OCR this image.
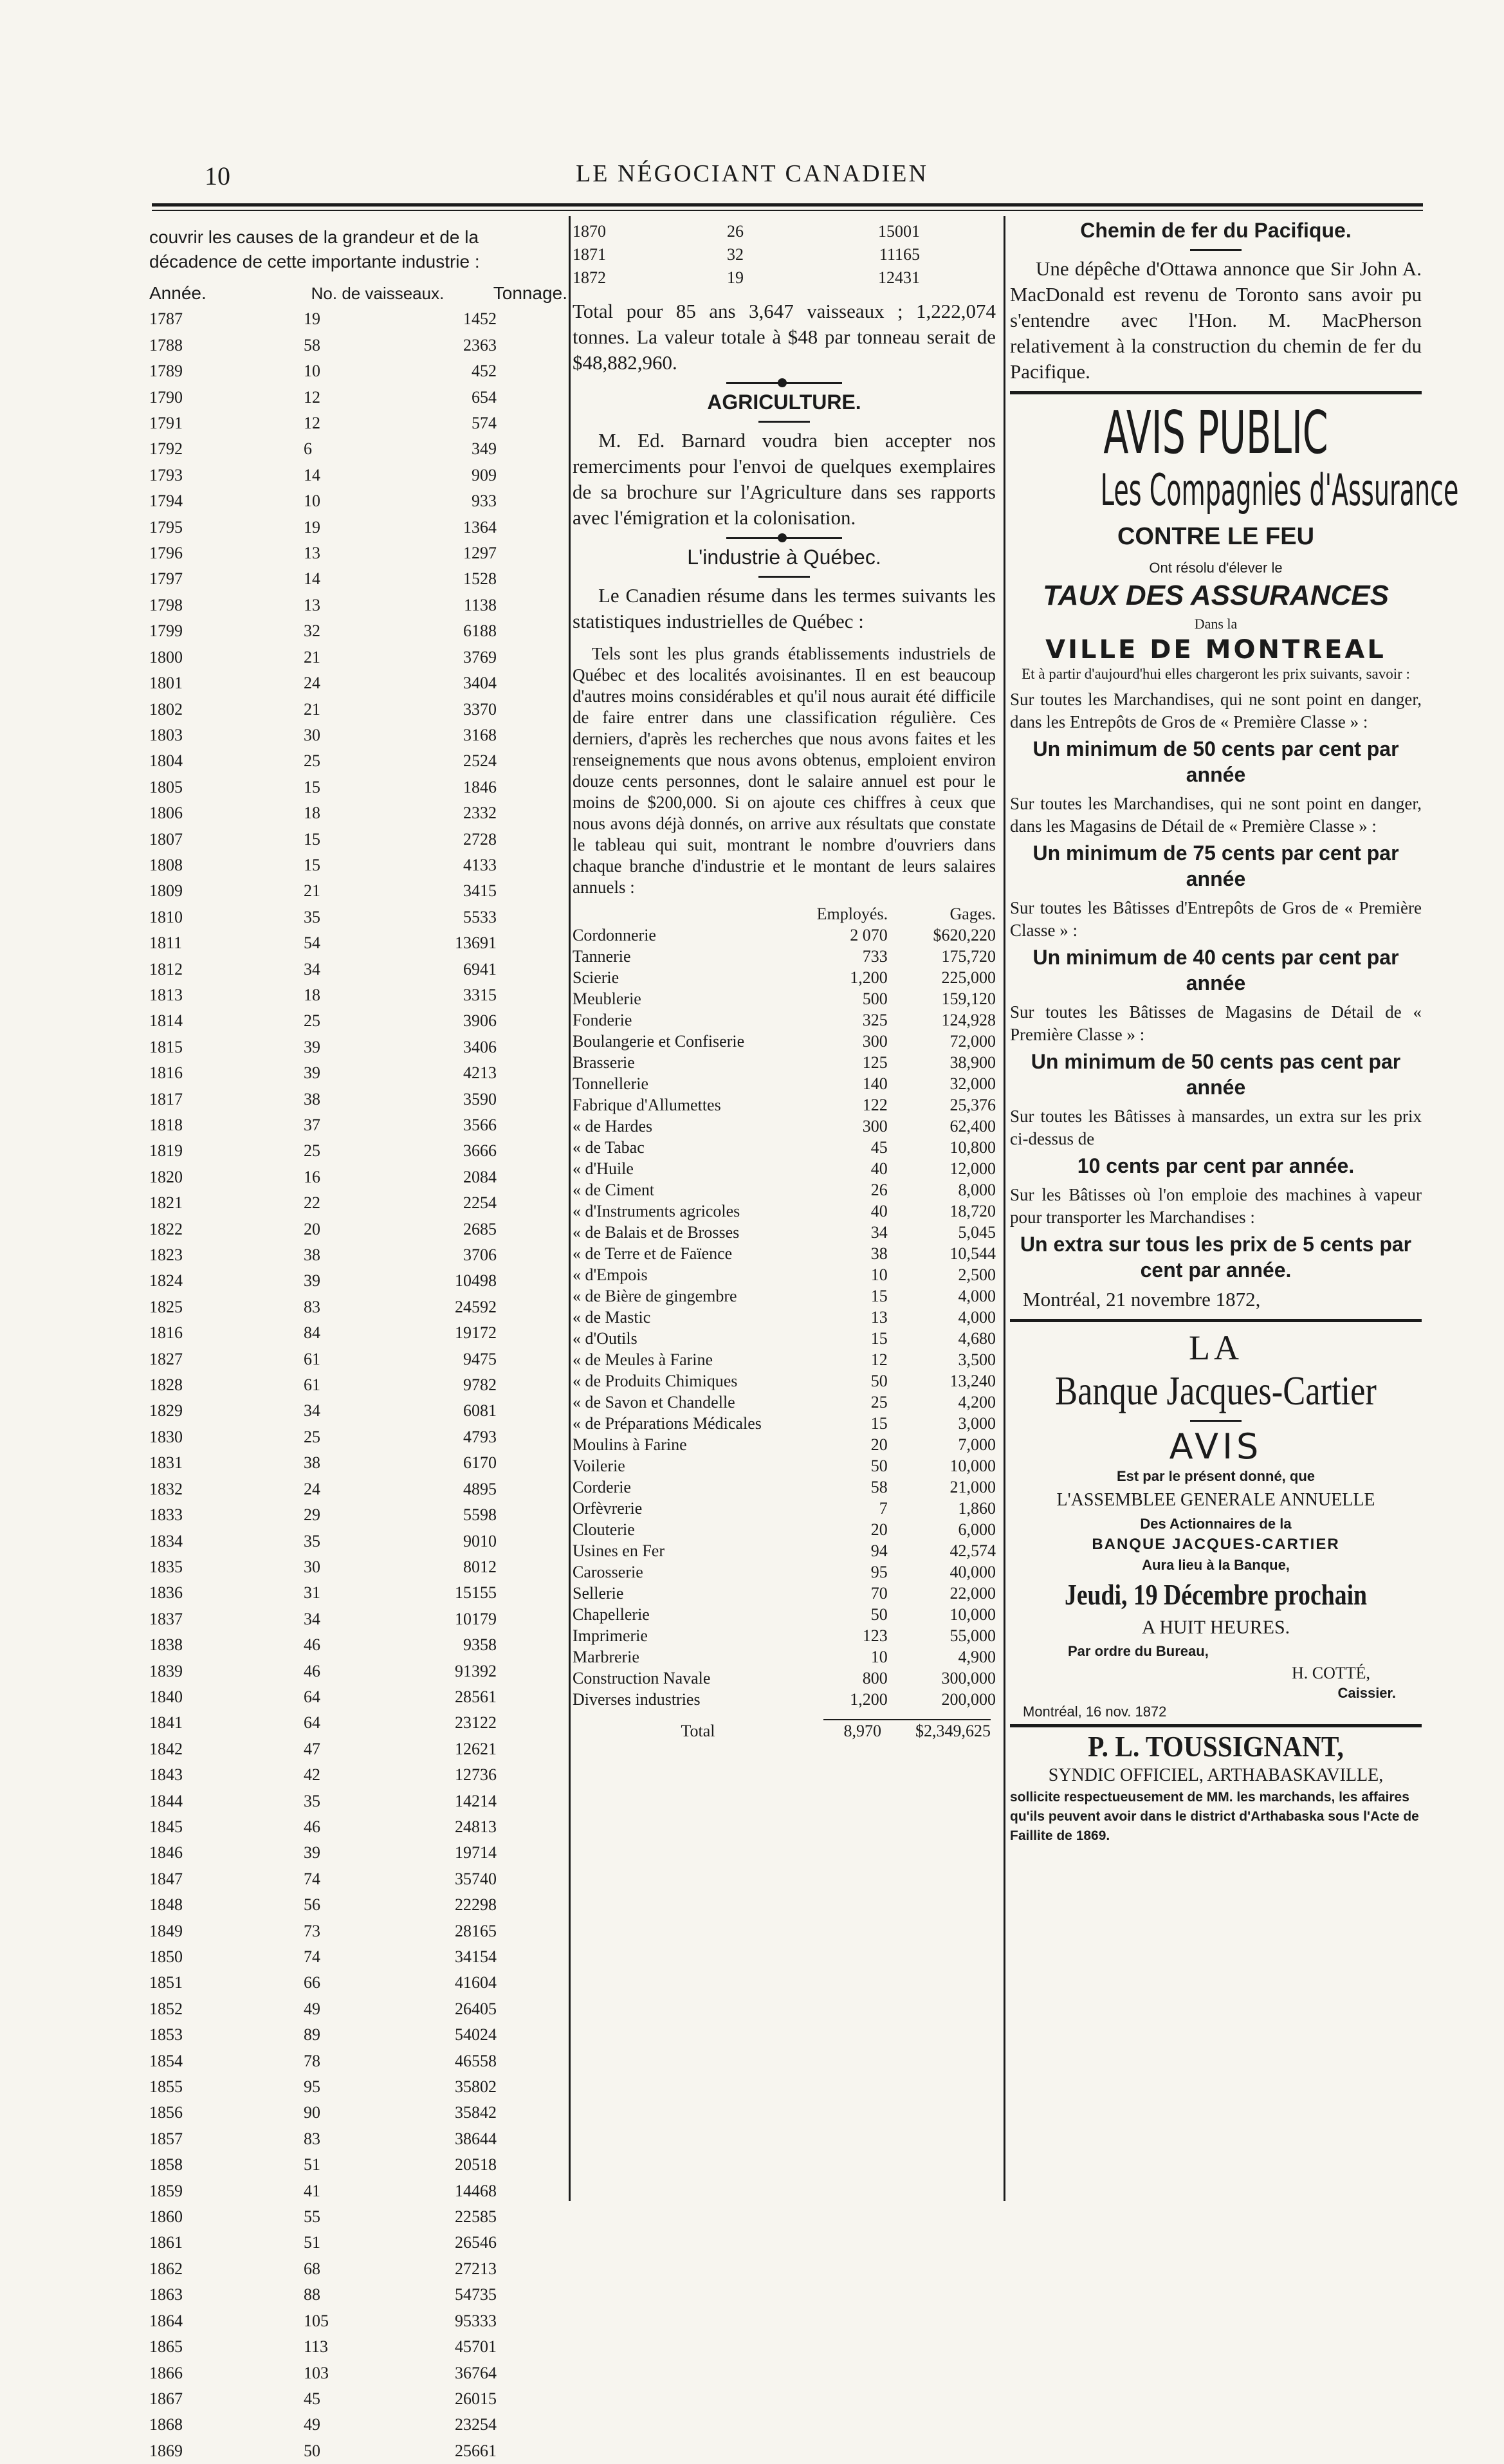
10	LE NÉGOCIANT CANADIEN
couvrir les causes de la grandeur et de la décadence de cette importante industrie :
Année.	No. de vaisseaux.	Tonnage.
1787	19	1452
1788	58	2363
1789	10	452
1790	12	654
1791	12	574
1792	6	349
1793	14	909
1794	10	933
1795	19	1364
1796	13	1297
1797	14	1528
1798	13	1138
1799	32	6188
1800	21	3769
1801	24	3404
1802	21	3370
1803	30	3168
1804	25	2524
1805	15	1846
1806	18	2332
1807	15	2728
1808	15	4133
1809	21	3415
1810	35	5533
1811	54	13691
1812	34	6941
1813	18	3315
1814	25	3906
1815	39	3406
1816	39	4213
1817	38	3590
1818	37	3566
1819	25	3666
1820	16	2084
1821	22	2254
1822	20	2685
1823	38	3706
1824	39	10498
1825	83	24592
1816	84	19172
1827	61	9475
1828	61	9782
1829	34	6081
1830	25	4793
1831	38	6170
1832	24	4895
1833	29	5598
1834	35	9010
1835	30	8012
1836	31	15155
1837	34	10179
1838	46	9358
1839	46	91392
1840	64	28561
1841	64	23122
1842	47	12621
1843	42	12736
1844	35	14214
1845	46	24813
1846	39	19714
1847	74	35740
1848	56	22298
1849	73	28165
1850	74	34154
1851	66	41604
1852	49	26405
1853	89	54024
1854	78	46558
1855	95	35802
1856	90	35842
1857	83	38644
1858	51	20518
1859	41	14468
1860	55	22585
1861	51	26546
1862	68	27213
1863	88	54735
1864	105	95333
1865	113	45701
1866	103	36764
1867	45	26015
1868	49	23254
1869	50	25661
1870	26	15001
1871	32	11165
1872	19	12431
Total pour 85 ans 3,647 vaisseaux ; 1,222,074 tonnes. La valeur totale à $48 par tonneau serait de $48,882,960.
AGRICULTURE.
M. Ed. Barnard voudra bien accepter nos remerciments pour l'envoi de quelques exemplaires de sa brochure sur l'Agriculture dans ses rapports avec l'émigration et la colonisation.
L'industrie à Québec.
Le Canadien résume dans les termes suivants les statistiques industrielles de Québec :
Tels sont les plus grands établissements industriels de Québec et des localités avoisinantes. Il en est beaucoup d'autres moins considérables et qu'il nous aurait été difficile de faire entrer dans une classification régulière. Ces derniers, d'après les recherches que nous avons faites et les renseignements que nous avons obtenus, emploient environ douze cents personnes, dont le salaire annuel est pour le moins de $200,000. Si on ajoute ces chiffres à ceux que nous avons déjà donnés, on arrive aux résultats que constate le tableau qui suit, montrant le nombre d'ouvriers dans chaque branche d'industrie et le montant de leurs salaires annuels :
	Employés.	Gages.
Cordonnerie	2 070	$620,220
Tannerie	733	175,720
Scierie	1,200	225,000
Meublerie	500	159,120
Fonderie	325	124,928
Boulangerie et Confiserie	300	72,000
Brasserie	125	38,900
Tonnellerie	140	32,000
Fabrique d'Allumettes	122	25,376
« de Hardes	300	62,400
« de Tabac	45	10,800
« d'Huile	40	12,000
« de Ciment	26	8,000
« d'Instruments agricoles	40	18,720
« de Balais et de Brosses	34	5,045
« de Terre et de Faïence	38	10,544
« d'Empois	10	2,500
« de Bière de gingembre	15	4,000
« de Mastic	13	4,000
« d'Outils	15	4,680
« de Meules à Farine	12	3,500
« de Produits Chimiques	50	13,240
« de Savon et Chandelle	25	4,200
« de Préparations Médicales	15	3,000
Moulins à Farine	20	7,000
Voilerie	50	10,000
Corderie	58	21,000
Orfèvrerie	7	1,860
Clouterie	20	6,000
Usines en Fer	94	42,574
Carosserie	95	40,000
Sellerie	70	22,000
Chapellerie	50	10,000
Imprimerie	123	55,000
Marbrerie	10	4,900
Construction Navale	800	300,000
Diverses industries	1,200	200,000
Total	8,970	$2,349,625
Chemin de fer du Pacifique.
Une dépêche d'Ottawa annonce que Sir John A. MacDonald est revenu de Toronto sans avoir pu s'entendre avec l'Hon. M. MacPherson relativement à la construction du chemin de fer du Pacifique.
AVIS PUBLIC
Les Compagnies d'Assurance
CONTRE LE FEU
Ont résolu d'élever le
TAUX DES ASSURANCES
Dans la
VILLE DE MONTREAL
Et à partir d'aujourd'hui elles chargeront les prix suivants, savoir :
Sur toutes les Marchandises, qui ne sont point en danger, dans les Entrepôts de Gros de « Première Classe » :
Un minimum de 50 cents par cent par année
Sur toutes les Marchandises, qui ne sont point en danger, dans les Magasins de Détail de « Première Classe » :
Un minimum de 75 cents par cent par année
Sur toutes les Bâtisses d'Entrepôts de Gros de « Première Classe » :
Un minimum de 40 cents par cent par année
Sur toutes les Bâtisses de Magasins de Détail de « Première Classe » :
Un minimum de 50 cents pas cent par année
Sur toutes les Bâtisses à mansardes, un extra sur les prix ci-dessus de
10 cents par cent par année.
Sur les Bâtisses où l'on emploie des machines à vapeur pour transporter les Marchandises :
Un extra sur tous les prix de 5 cents par cent par année.
Montréal, 21 novembre 1872,
LA
Banque Jacques-Cartier
AVIS
Est par le présent donné, que
L'ASSEMBLEE GENERALE ANNUELLE
Des Actionnaires de la
BANQUE JACQUES-CARTIER
Aura lieu à la Banque,
Jeudi, 19 Décembre prochain
A HUIT HEURES.
Par ordre du Bureau,
H. COTTÉ,
Caissier.
Montréal, 16 nov. 1872
P. L. TOUSSIGNANT,
SYNDIC OFFICIEL, ARTHABASKAVILLE,
sollicite respectueusement de MM. les marchands, les affaires qu'ils peuvent avoir dans le district d'Arthabaska sous l'Acte de Faillite de 1869.
